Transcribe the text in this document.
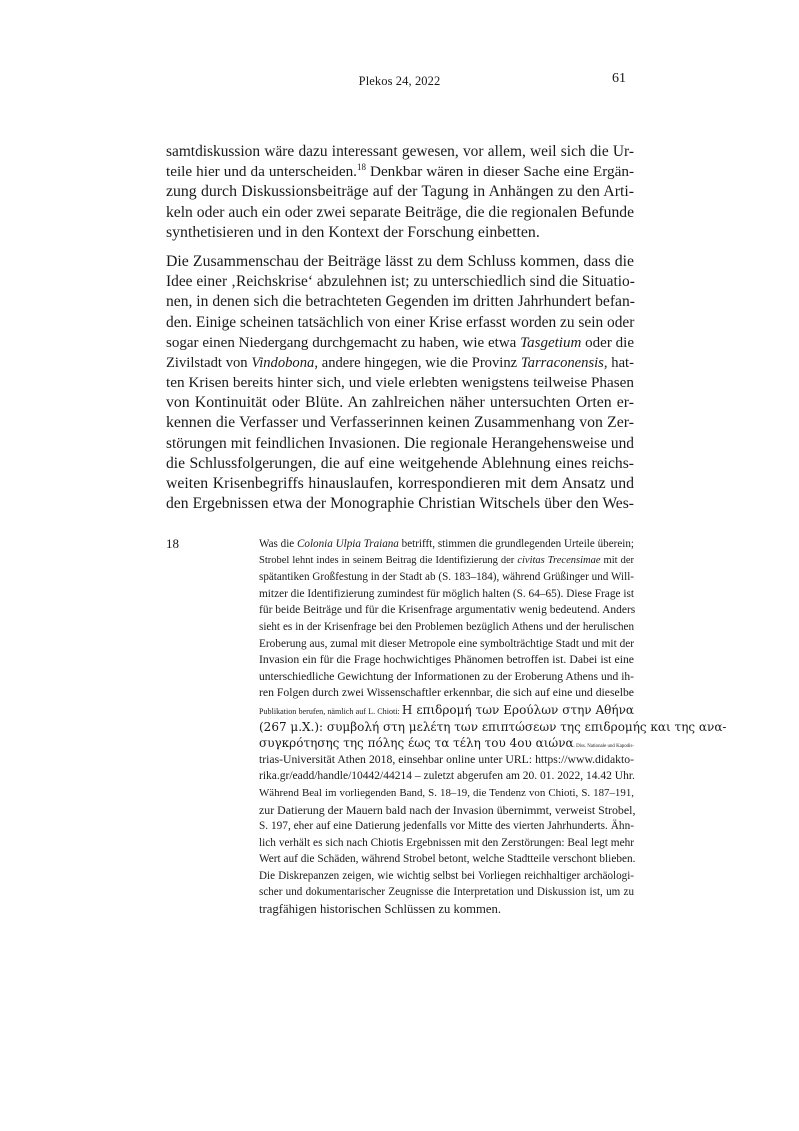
Plekos 24, 2022	61
samtdiskussion wäre dazu interessant gewesen, vor allem, weil sich die Ur-
teile hier und da unterscheiden.$^{18}$ Denkbar wären in dieser Sache eine Ergän-
zung durch Diskussionsbeiträge auf der Tagung in Anhängen zu den Arti-
keln oder auch ein oder zwei separate Beiträge, die die regionalen Befunde
synthetisieren und in den Kontext der Forschung einbetten.
Die Zusammenschau der Beiträge lässt zu dem Schluss kommen, dass die
Idee einer ‚Reichskrise‘ abzulehnen ist; zu unterschiedlich sind die Situatio-
nen, in denen sich die betrachteten Gegenden im dritten Jahrhundert befan-
den. Einige scheinen tatsächlich von einer Krise erfasst worden zu sein oder
sogar einen Niedergang durchgemacht zu haben, wie etwa Tasgetium oder die
Zivilstadt von Vindobona, andere hingegen, wie die Provinz Tarraconensis, hat-
ten Krisen bereits hinter sich, und viele erlebten wenigstens teilweise Phasen
von Kontinuität oder Blüte. An zahlreichen näher untersuchten Orten er-
kennen die Verfasser und Verfasserinnen keinen Zusammenhang von Zer-
störungen mit feindlichen Invasionen. Die regionale Herangehensweise und
die Schlussfolgerungen, die auf eine weitgehende Ablehnung eines reichs-
weiten Krisenbegriffs hinauslaufen, korrespondieren mit dem Ansatz und
den Ergebnissen etwa der Monographie Christian Witschels über den Wes-
18	Was die Colonia Ulpia Traiana betrifft, stimmen die grundlegenden Urteile überein;
Strobel lehnt indes in seinem Beitrag die Identifizierung der civitas Trecensimae mit der
spätantiken Großfestung in der Stadt ab (S. 183–184), während Grüßinger und Will-
mitzer die Identifizierung zumindest für möglich halten (S. 64–65). Diese Frage ist
für beide Beiträge und für die Krisenfrage argumentativ wenig bedeutend. Anders
sieht es in der Krisenfrage bei den Problemen bezüglich Athens und der herulischen
Eroberung aus, zumal mit dieser Metropole eine symbolträchtige Stadt und mit der
Invasion ein für die Frage hochwichtiges Phänomen betroffen ist. Dabei ist eine
unterschiedliche Gewichtung der Informationen zu der Eroberung Athens und ih-
ren Folgen durch zwei Wissenschaftler erkennbar, die sich auf eine und dieselbe
Publikation berufen, nämlich auf L. Chioti: Η επιδρομή των Ερούλων στην Αθήνα
(267 μ.Χ.): συμβολή στη μελέτη των επιπτώσεων της επιδρομής και της ανα-
συγκρότησης της πόλης έως τα τέλη του 4ου αιώνα. Diss. Nationale und Kapodis-
trias-Universität Athen 2018, einsehbar online unter URL: https://www.didakto-
rika.gr/eadd/handle/10442/44214 – zuletzt abgerufen am 20. 01. 2022, 14.42 Uhr.
Während Beal im vorliegenden Band, S. 18–19, die Tendenz von Chioti, S. 187–191,
zur Datierung der Mauern bald nach der Invasion übernimmt, verweist Strobel,
S. 197, eher auf eine Datierung jedenfalls vor Mitte des vierten Jahrhunderts. Ähn-
lich verhält es sich nach Chiotis Ergebnissen mit den Zerstörungen: Beal legt mehr
Wert auf die Schäden, während Strobel betont, welche Stadtteile verschont blieben.
Die Diskrepanzen zeigen, wie wichtig selbst bei Vorliegen reichhaltiger archäologi-
scher und dokumentarischer Zeugnisse die Interpretation und Diskussion ist, um zu
tragfähigen historischen Schlüssen zu kommen.
